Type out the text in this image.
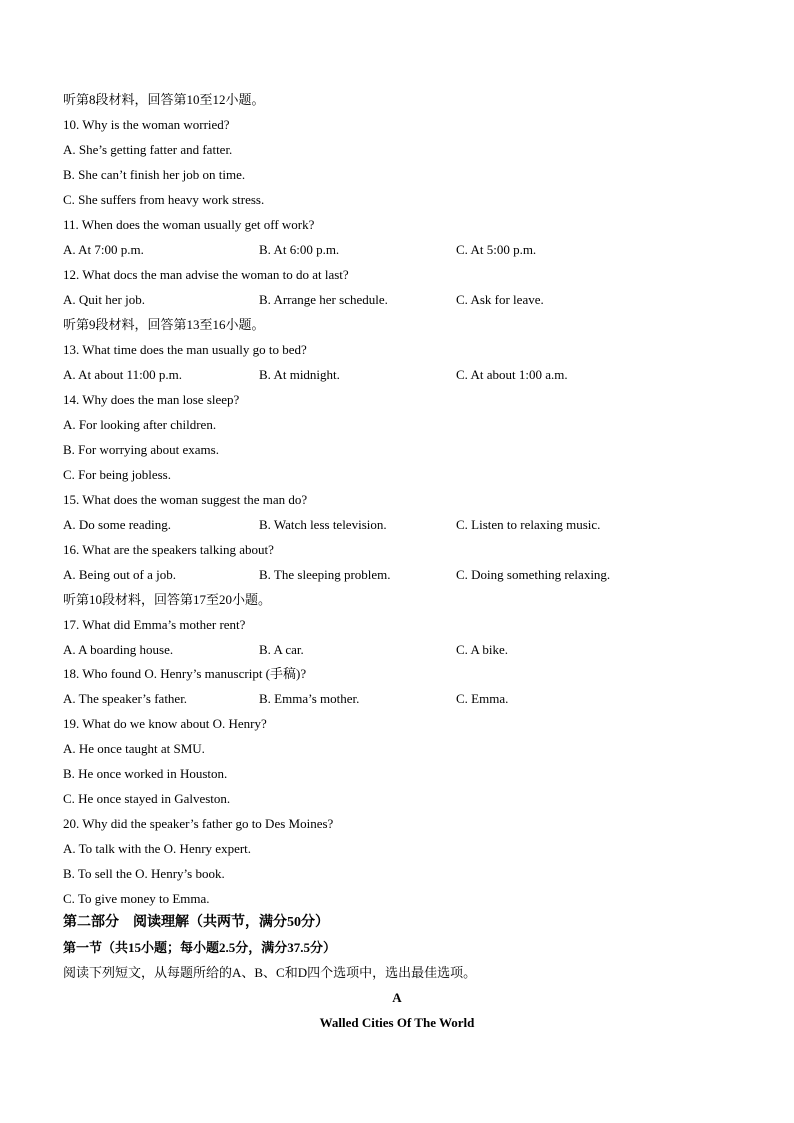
听第8段材料，回答第10至12小题。
10. Why is the woman worried?
A. She’s getting fatter and fatter.
B. She can’t finish her job on time.
C. She suffers from heavy work stress.
11. When does the woman usually get off work?
A. At 7:00 p.m.	B. At 6:00 p.m.	C. At 5:00 p.m.
12. What docs the man advise the woman to do at last?
A. Quit her job.	B. Arrange her schedule.	C. Ask for leave.
听第9段材料，回答第13至16小题。
13. What time does the man usually go to bed?
A. At about 11:00 p.m.	B. At midnight.	C. At about 1:00 a.m.
14. Why does the man lose sleep?
A. For looking after children.
B. For worrying about exams.
C. For being jobless.
15. What does the woman suggest the man do?
A. Do some reading.	B. Watch less television.	C. Listen to relaxing music.
16. What are the speakers talking about?
A. Being out of a job.	B. The sleeping problem.	C. Doing something relaxing.
听第10段材料，回答第17至20小题。
17. What did Emma’s mother rent?
A. A boarding house.	B. A car.	C. A bike.
18. Who found O. Henry’s manuscript (手稿)?
A. The speaker’s father.	B. Emma’s mother.	C. Emma.
19. What do we know about O. Henry?
A. He once taught at SMU.
B. He once worked in Houston.
C. He once stayed in Galveston.
20. Why did the speaker’s father go to Des Moines?
A. To talk with the O. Henry expert.
B. To sell the O. Henry’s book.
C. To give money to Emma.
第二部分　阅读理解（共两节，满分50分）
第一节（共15小题；每小题2.5分，满分37.5分）
阅读下列短文，从每题所给的A、B、C和D四个选项中，选出最佳选项。
A
Walled Cities Of The World
